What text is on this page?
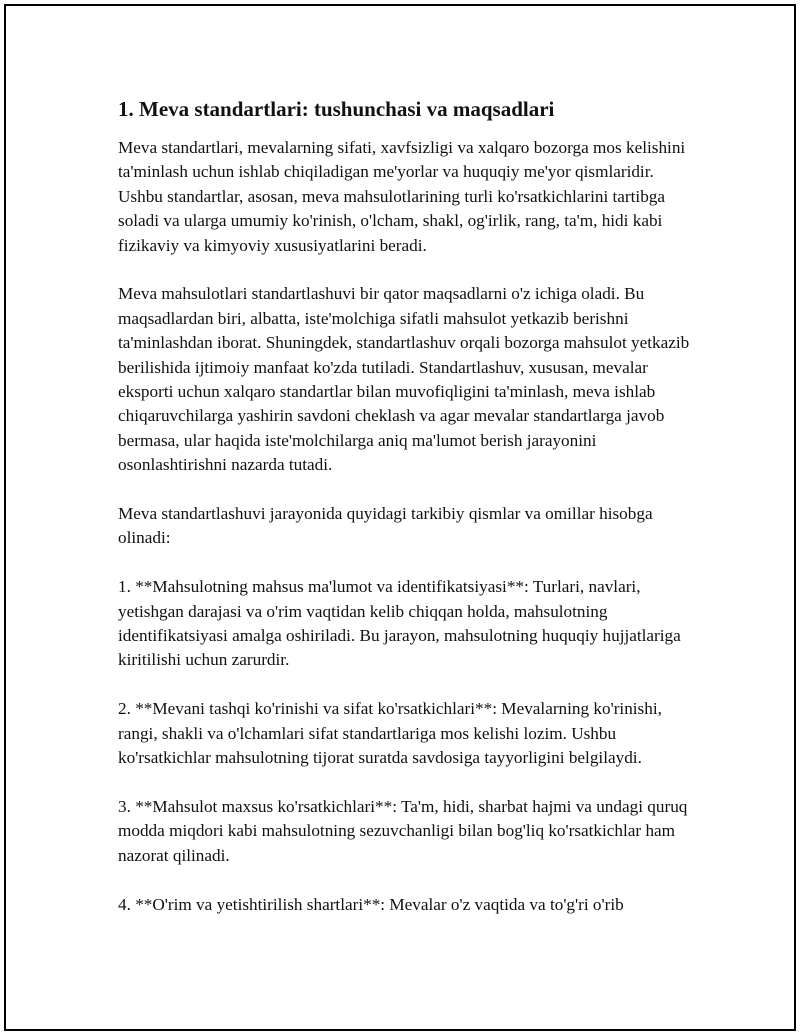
1. Meva standartlari: tushunchasi va maqsadlari

Meva standartlari, mevalarning sifati, xavfsizligi va xalqaro bozorga mos kelishini ta'minlash uchun ishlab chiqiladigan me'yorlar va huquqiy me'yor qismlaridir. Ushbu standartlar, asosan, meva mahsulotlarining turli ko'rsatkichlarini tartibga soladi va ularga umumiy ko'rinish, o'lcham, shakl, og'irlik, rang, ta'm, hidi kabi fizikaviy va kimyoviy xususiyatlarini beradi.

Meva mahsulotlari standartlashuvi bir qator maqsadlarni o'z ichiga oladi. Bu maqsadlardan biri, albatta, iste'molchiga sifatli mahsulot yetkazib berishni ta'minlashdan iborat. Shuningdek, standartlashuv orqali bozorga mahsulot yetkazib berilishida ijtimoiy manfaat ko'zda tutiladi. Standartlashuv, xususan, mevalar eksporti uchun xalqaro standartlar bilan muvofiqligini ta'minlash, meva ishlab chiqaruvchilarga yashirin savdoni cheklash va agar mevalar standartlarga javob bermasa, ular haqida iste'molchilarga aniq ma'lumot berish jarayonini osonlashtirishni nazarda tutadi.

Meva standartlashuvi jarayonida quyidagi tarkibiy qismlar va omillar hisobga olinadi:

1. **Mahsulotning mahsus ma'lumot va identifikatsiyasi**: Turlari, navlari, yetishgan darajasi va o'rim vaqtidan kelib chiqqan holda, mahsulotning identifikatsiyasi amalga oshiriladi. Bu jarayon, mahsulotning huquqiy hujjatlariga kiritilishi uchun zarurdir.

2. **Mevani tashqi ko'rinishi va sifat ko'rsatkichlari**: Mevalarning ko'rinishi, rangi, shakli va o'lchamlari sifat standartlariga mos kelishi lozim. Ushbu ko'rsatkichlar mahsulotning tijorat suratda savdosiga tayyorligini belgilaydi.

3. **Mahsulot maxsus ko'rsatkichlari**: Ta'm, hidi, sharbat hajmi va undagi quruq modda miqdori kabi mahsulotning sezuvchanligi bilan bog'liq ko'rsatkichlar ham nazorat qilinadi.

4. **O'rim va yetishtirilish shartlari**: Mevalar o'z vaqtida va to'g'ri o'rib
